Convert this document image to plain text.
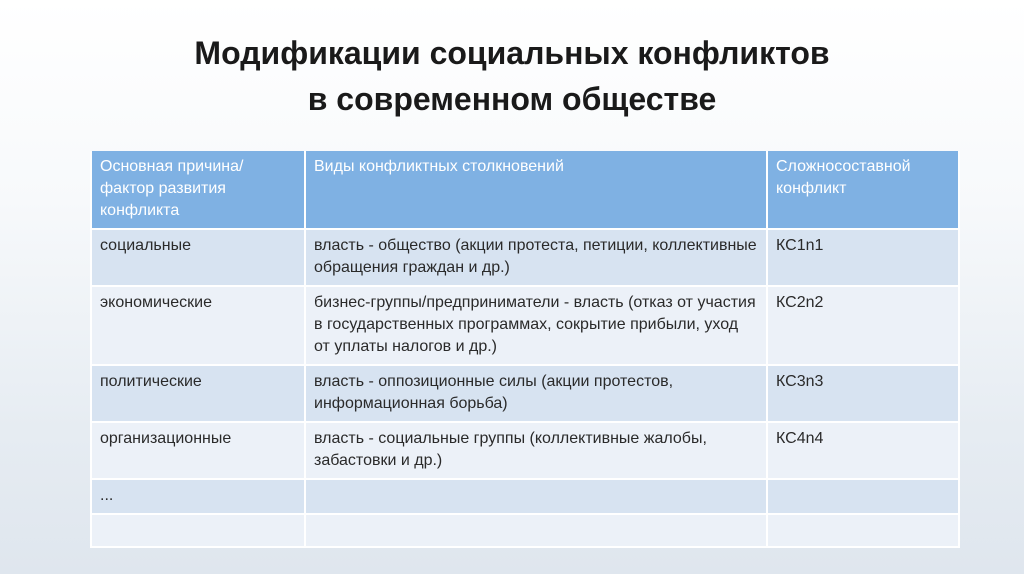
Модификации социальных конфликтов
в современном обществе
Основная причина/ фактор развития конфликта	Виды конфликтных столкновений	Сложносоставной конфликт
социальные	власть - общество (акции протеста, петиции, коллективные обращения граждан и др.)	КС1n1
экономические	бизнес-группы/предприниматели - власть (отказ от участия в государственных программах, сокрытие прибыли, уход от уплаты налогов и др.)	КС2n2
политические	власть - оппозиционные силы (акции протестов, информационная борьба)	КС3n3
организационные	власть - социальные группы (коллективные жалобы, забастовки и др.)	КС4n4
...		
